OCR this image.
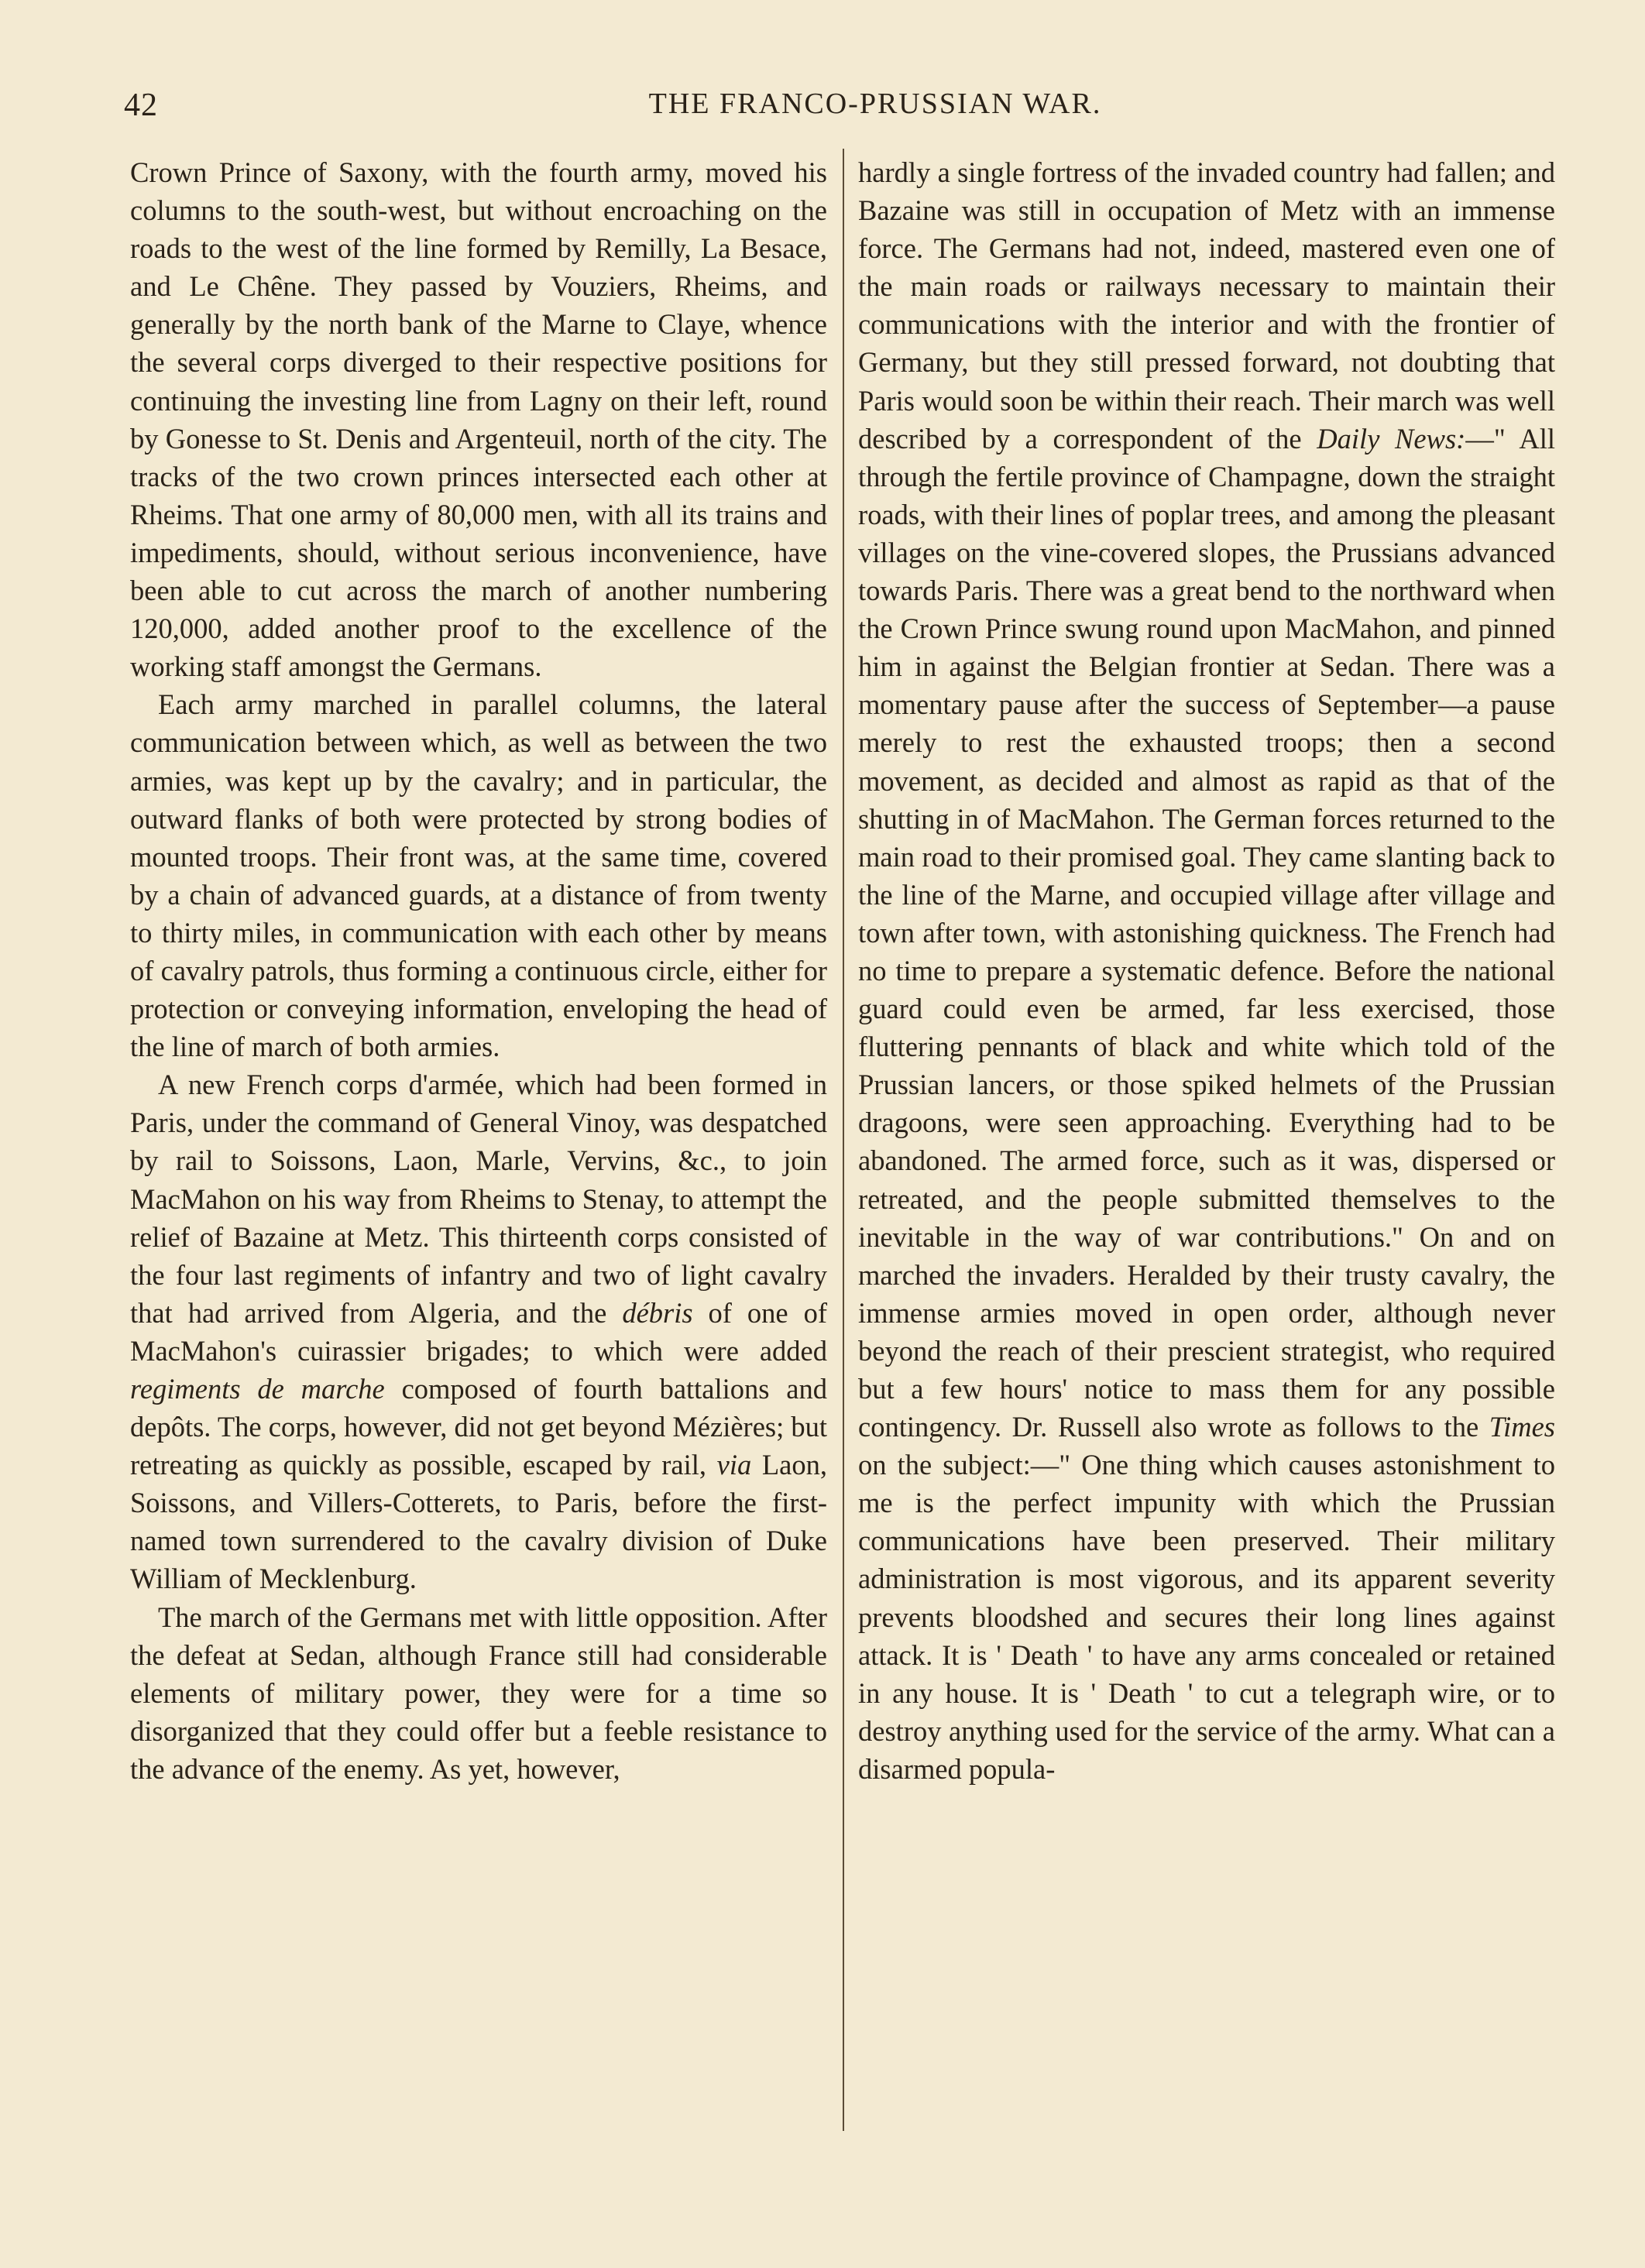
42	THE FRANCO-PRUSSIAN WAR.

Crown Prince of Saxony, with the fourth army, moved his columns to the south-west, but without encroaching on the roads to the west of the line formed by Remilly, La Besace, and Le Chêne. They passed by Vouziers, Rheims, and generally by the north bank of the Marne to Claye, whence the several corps diverged to their respective positions for continuing the investing line from Lagny on their left, round by Gonesse to St. Denis and Argenteuil, north of the city. The tracks of the two crown princes intersected each other at Rheims. That one army of 80,000 men, with all its trains and impediments, should, without serious inconvenience, have been able to cut across the march of another numbering 120,000, added another proof to the excellence of the working staff amongst the Germans.

Each army marched in parallel columns, the lateral communication between which, as well as between the two armies, was kept up by the cavalry; and in particular, the outward flanks of both were protected by strong bodies of mounted troops. Their front was, at the same time, covered by a chain of advanced guards, at a distance of from twenty to thirty miles, in communication with each other by means of cavalry patrols, thus forming a continuous circle, either for protection or conveying information, enveloping the head of the line of march of both armies.

A new French corps d'armée, which had been formed in Paris, under the command of General Vinoy, was despatched by rail to Soissons, Laon, Marle, Vervins, &c., to join MacMahon on his way from Rheims to Stenay, to attempt the relief of Bazaine at Metz. This thirteenth corps consisted of the four last regiments of infantry and two of light cavalry that had arrived from Algeria, and the débris of one of MacMahon's cuirassier brigades; to which were added regiments de marche composed of fourth battalions and depôts. The corps, however, did not get beyond Mézières; but retreating as quickly as possible, escaped by rail, via Laon, Soissons, and Villers-Cotterets, to Paris, before the first-named town surrendered to the cavalry division of Duke William of Mecklenburg.

The march of the Germans met with little opposition. After the defeat at Sedan, although France still had considerable elements of military power, they were for a time so disorganized that they could offer but a feeble resistance to the advance of the enemy. As yet, however,

hardly a single fortress of the invaded country had fallen; and Bazaine was still in occupation of Metz with an immense force. The Germans had not, indeed, mastered even one of the main roads or railways necessary to maintain their communications with the interior and with the frontier of Germany, but they still pressed forward, not doubting that Paris would soon be within their reach. Their march was well described by a correspondent of the Daily News:—" All through the fertile province of Champagne, down the straight roads, with their lines of poplar trees, and among the pleasant villages on the vine-covered slopes, the Prussians advanced towards Paris. There was a great bend to the northward when the Crown Prince swung round upon MacMahon, and pinned him in against the Belgian frontier at Sedan. There was a momentary pause after the success of September—a pause merely to rest the exhausted troops; then a second movement, as decided and almost as rapid as that of the shutting in of MacMahon. The German forces returned to the main road to their promised goal. They came slanting back to the line of the Marne, and occupied village after village and town after town, with astonishing quickness. The French had no time to prepare a systematic defence. Before the national guard could even be armed, far less exercised, those fluttering pennants of black and white which told of the Prussian lancers, or those spiked helmets of the Prussian dragoons, were seen approaching. Everything had to be abandoned. The armed force, such as it was, dispersed or retreated, and the people submitted themselves to the inevitable in the way of war contributions." On and on marched the invaders. Heralded by their trusty cavalry, the immense armies moved in open order, although never beyond the reach of their prescient strategist, who required but a few hours' notice to mass them for any possible contingency. Dr. Russell also wrote as follows to the Times on the subject:—" One thing which causes astonishment to me is the perfect impunity with which the Prussian communications have been preserved. Their military administration is most vigorous, and its apparent severity prevents bloodshed and secures their long lines against attack. It is ' Death ' to have any arms concealed or retained in any house. It is ' Death ' to cut a telegraph wire, or to destroy anything used for the service of the army. What can a disarmed popula-
